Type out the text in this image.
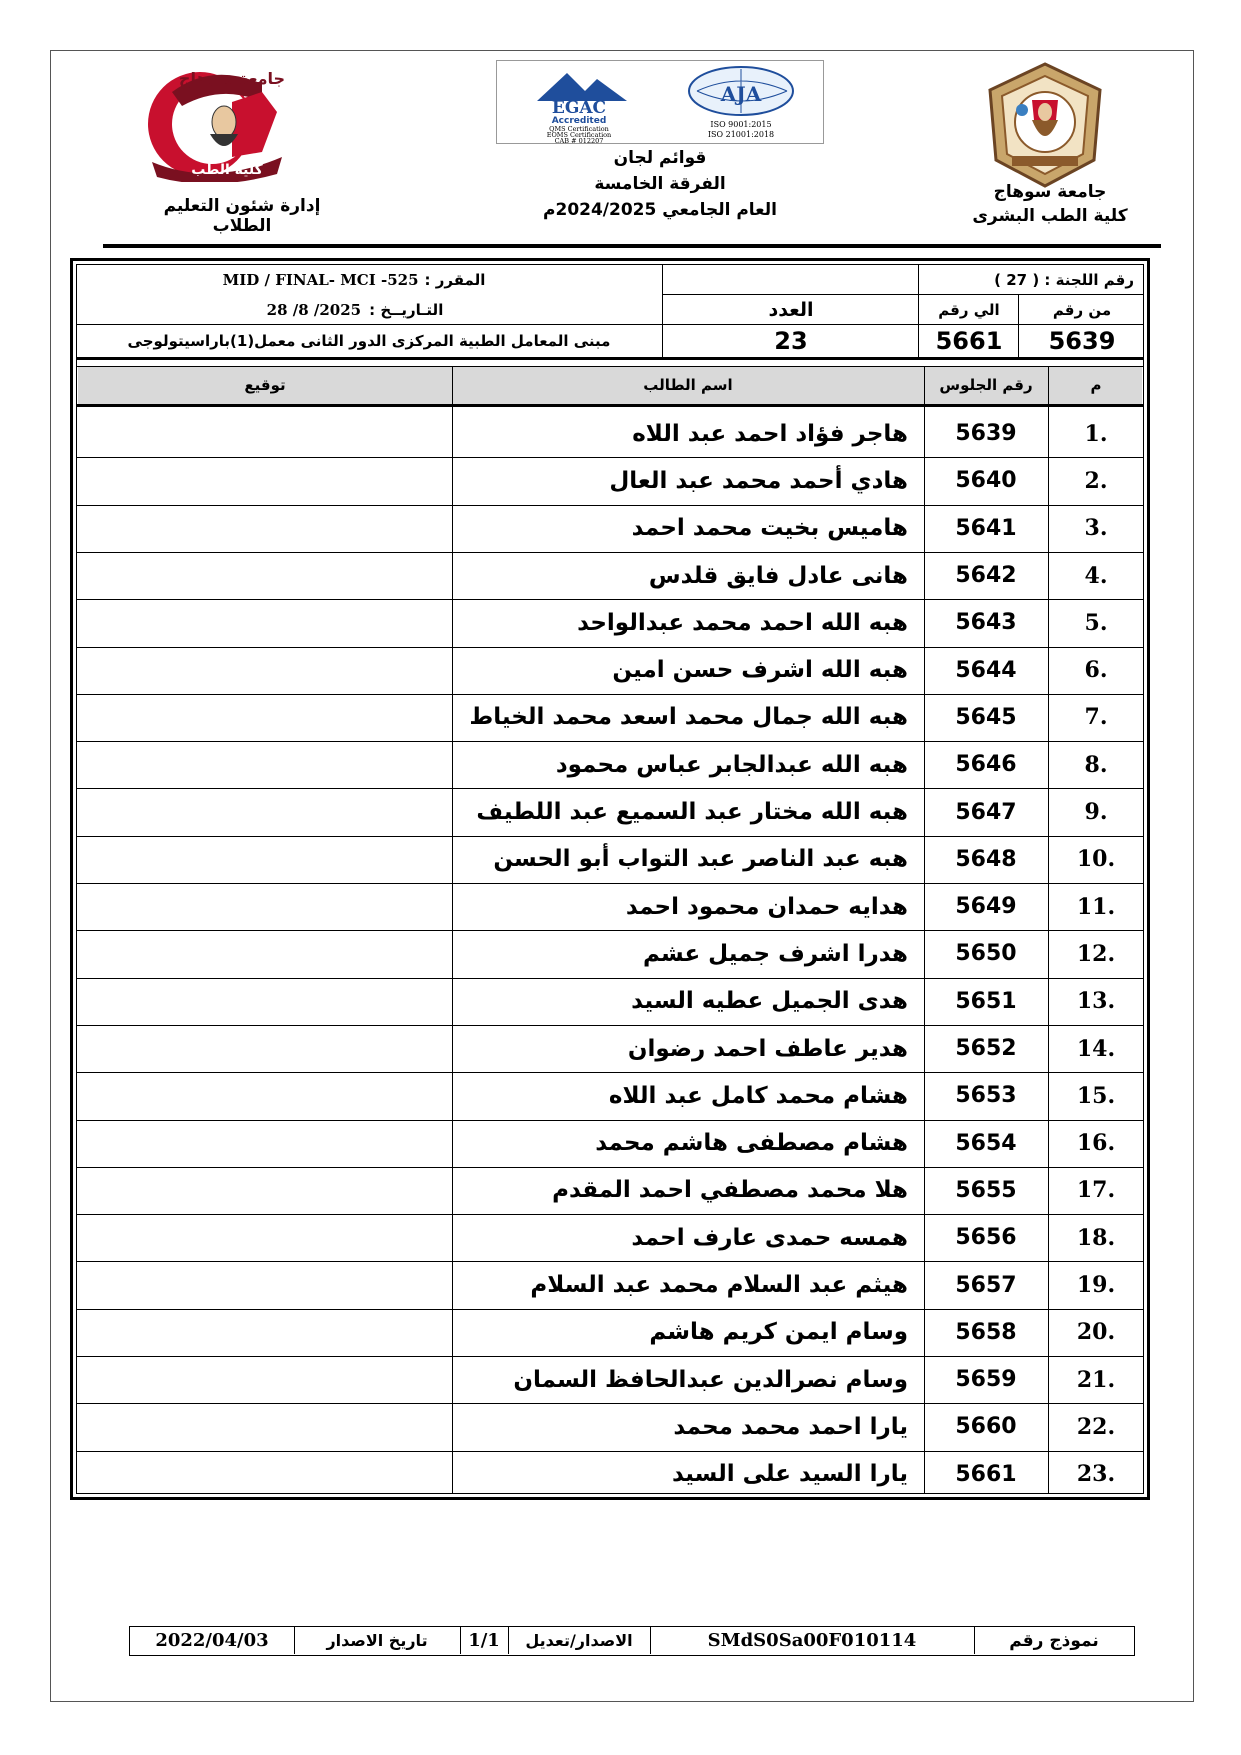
جامعة سوهاج
كلية الطب
EGAC
Accredited
QMS Certification
EOMS Certification
CAB # 012207
AJA
ISO 9001:2015
ISO 21001:2018
جامعة سوهاج
كلية الطب البشرى
قوائم لجان
الفرقة الخامسة
العام الجامعي 2024/2025م
إدارة شئون التعليم الطلاب
رقم اللجنة : ( 27 )
المقرر :
MID / FINAL- MCI -525
التـاريــخ :
28 /8 /2025	من رقم
الي رقم
العدد
5639
5661
23
مبنى المعامل الطبية المركزى الدور الثانى معمل(1)باراسيتولوجى
م
رقم الجلوس
اسم الطالب
توقيع
1.
5639
هاجر فؤاد احمد عبد اللاه
2.
5640
هادي أحمد محمد عبد العال
3.
5641
هاميس بخيت محمد احمد
4.
5642
هانى عادل فايق قلدس
5.
5643
هبه الله احمد محمد عبدالواحد
6.
5644
هبه الله اشرف حسن امين
7.
5645
هبه الله جمال محمد اسعد محمد الخياط
8.
5646
هبه الله عبدالجابر عباس محمود
9.
5647
هبه الله مختار عبد السميع عبد اللطيف
10.
5648
هبه عبد الناصر عبد التواب أبو الحسن
11.
5649
هدايه حمدان محمود احمد
12.
5650
هدرا اشرف جميل عشم
13.
5651
هدى الجميل عطيه السيد
14.
5652
هدير عاطف احمد رضوان
15.
5653
هشام محمد كامل عبد اللاه
16.
5654
هشام مصطفى هاشم محمد
17.
5655
هلا محمد مصطفي احمد المقدم
18.
5656
همسه حمدى عارف احمد
19.
5657
هيثم عبد السلام محمد عبد السلام
20.
5658
وسام ايمن كريم هاشم
21.
5659
وسام نصرالدين عبدالحافظ السمان
22.
5660
يارا احمد محمد محمد
23.
5661
يارا السيد على السيد
نموذج رقم
SMdS0Sa00F010114
الاصدار/تعديل
1/1
تاريخ الاصدار
2022/04/03
